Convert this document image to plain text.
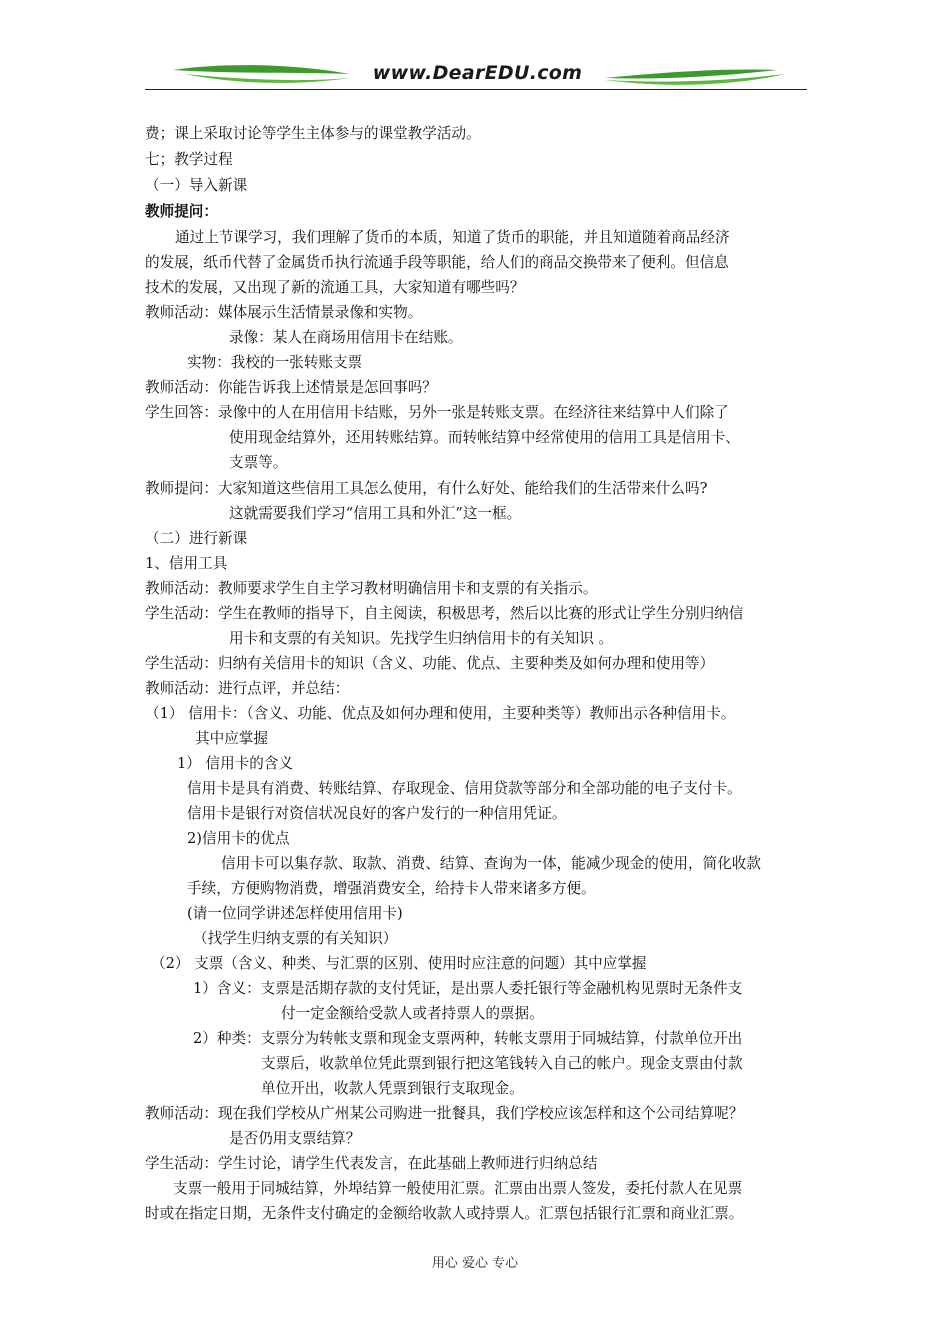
www.DearEDU.com
费；课上采取讨论等学生主体参与的课堂教学活动。
七；教学过程
（一）导入新课
教师提问：
通过上节课学习，我们理解了货币的本质，知道了货币的职能，并且知道随着商品经济
的发展，纸币代替了金属货币执行流通手段等职能，给人们的商品交换带来了便利。但信息
技术的发展，又出现了新的流通工具，大家知道有哪些吗？
教师活动：媒体展示生活情景录像和实物。
录像：某人在商场用信用卡在结账。
实物：我校的一张转账支票
教师活动：你能告诉我上述情景是怎回事吗？
学生回答：录像中的人在用信用卡结账，另外一张是转账支票。在经济往来结算中人们除了
使用现金结算外，还用转账结算。而转帐结算中经常使用的信用工具是信用卡、
支票等。
教师提问：大家知道这些信用工具怎么使用，有什么好处、能给我们的生活带来什么吗?
这就需要我们学习“信用工具和外汇”这一框。
（二）进行新课
1、信用工具
教师活动：教师要求学生自主学习教材明确信用卡和支票的有关指示。
学生活动：学生在教师的指导下，自主阅读，积极思考，然后以比赛的形式让学生分别归纳信
用卡和支票的有关知识。先找学生归纳信用卡的有关知识 。
学生活动：归纳有关信用卡的知识（含义、功能、优点、主要种类及如何办理和使用等）
教师活动：进行点评，并总结：
（1） 信用卡：（含义、功能、优点及如何办理和使用，主要种类等）教师出示各种信用卡。
其中应掌握
1） 信用卡的含义
信用卡是具有消费、转账结算、存取现金、信用贷款等部分和全部功能的电子支付卡。
信用卡是银行对资信状况良好的客户发行的一种信用凭证。
2)信用卡的优点
信用卡可以集存款、取款、消费、结算、查询为一体，能减少现金的使用，简化收款
手续，方便购物消费，增强消费安全，给持卡人带来诸多方便。
(请一位同学讲述怎样使用信用卡)
（找学生归纳支票的有关知识）
（2） 支票（含义、种类、与汇票的区别、使用时应注意的问题）其中应掌握
1）含义：支票是活期存款的支付凭证，是出票人委托银行等金融机构见票时无条件支
付一定金额给受款人或者持票人的票据。
2）种类：支票分为转帐支票和现金支票两种，转帐支票用于同城结算，付款单位开出
支票后，收款单位凭此票到银行把这笔钱转入自己的帐户。现金支票由付款
单位开出，收款人凭票到银行支取现金。
教师活动：现在我们学校从广州某公司购进一批餐具，我们学校应该怎样和这个公司结算呢？
是否仍用支票结算？
学生活动：学生讨论，请学生代表发言，在此基础上教师进行归纳总结
支票一般用于同城结算，外埠结算一般使用汇票。汇票由出票人签发，委托付款人在见票
时或在指定日期，无条件支付确定的金额给收款人或持票人。汇票包括银行汇票和商业汇票。
用心 爱心 专心
